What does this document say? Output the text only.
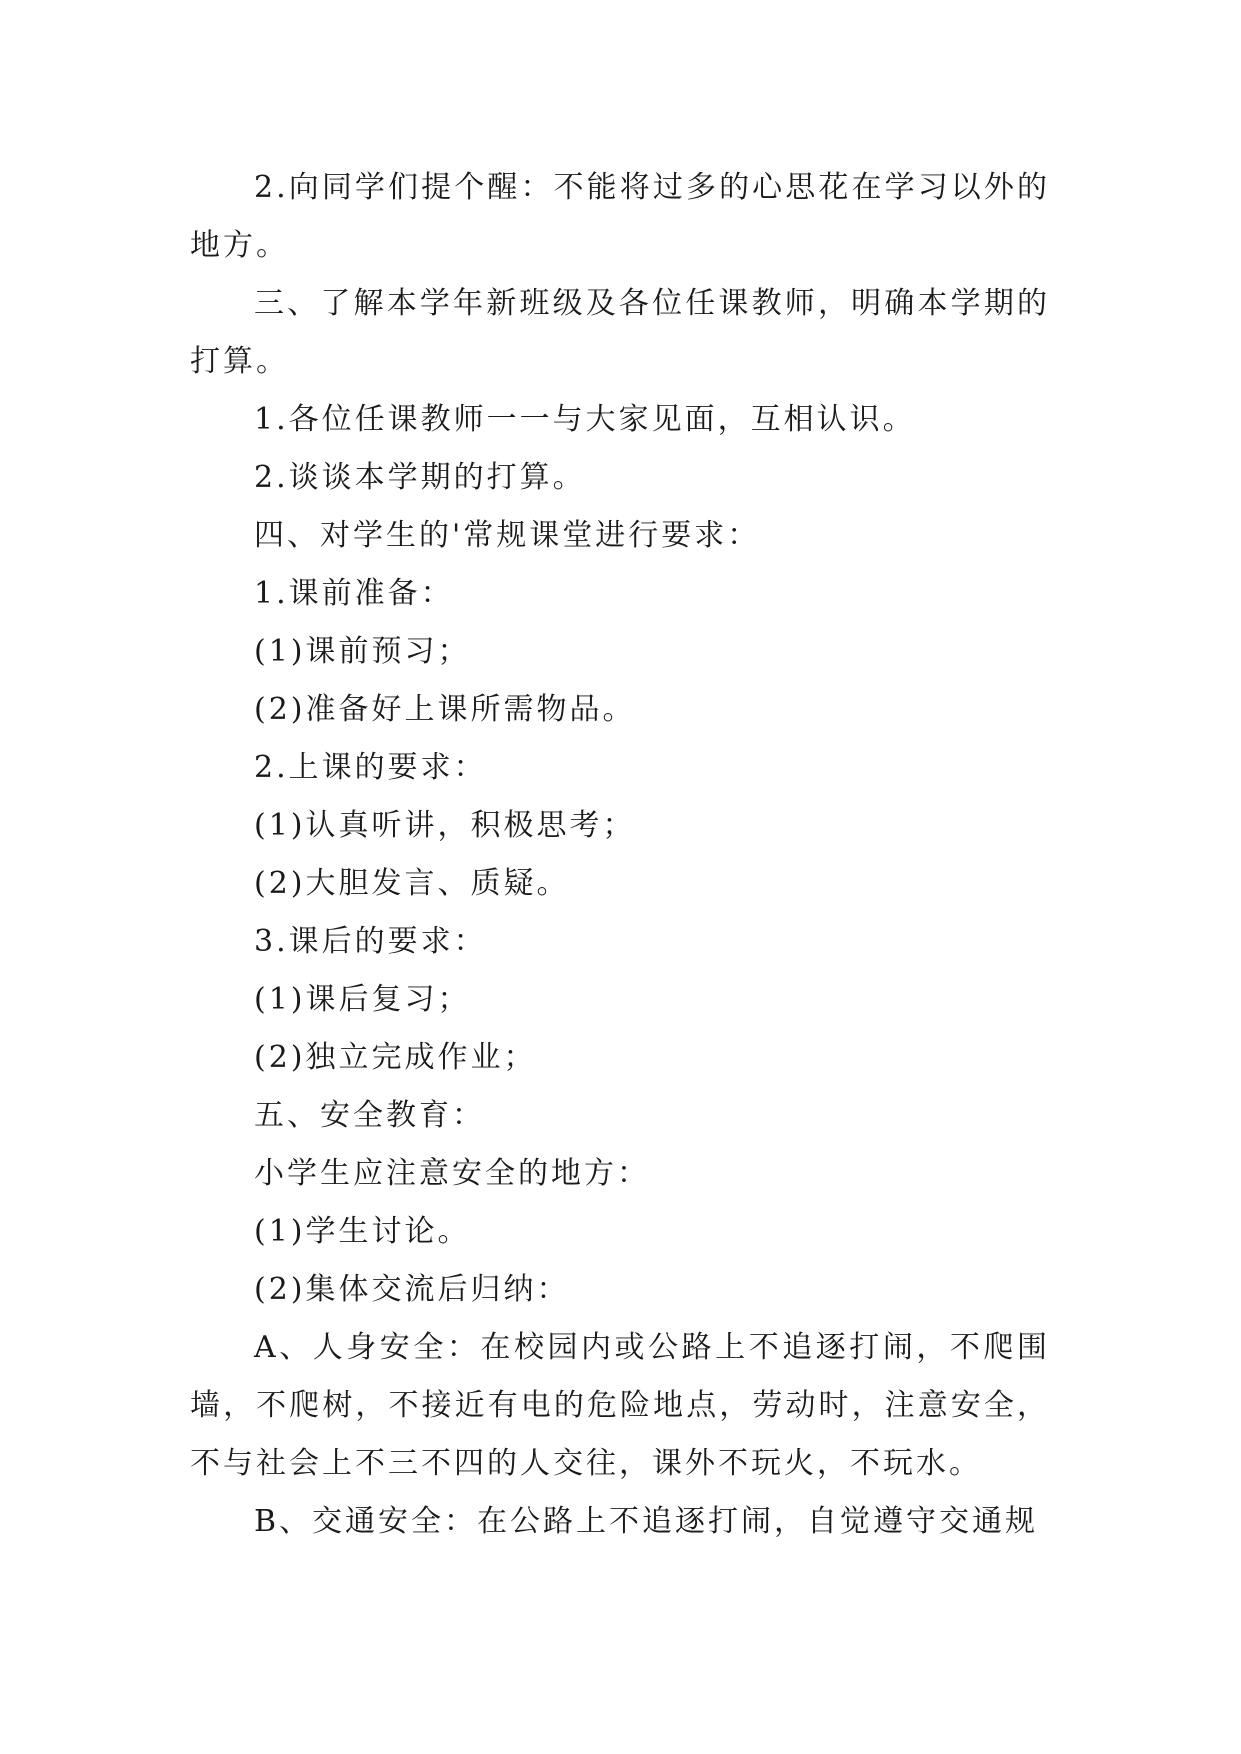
2.向同学们提个醒：不能将过多的心思花在学习以外的地方。

三、了解本学年新班级及各位任课教师，明确本学期的打算。

1.各位任课教师一一与大家见面，互相认识。

2.谈谈本学期的打算。

四、对学生的'常规课堂进行要求：

1.课前准备：

(1)课前预习；

(2)准备好上课所需物品。

2.上课的要求：

(1)认真听讲，积极思考；

(2)大胆发言、质疑。

3.课后的要求：

(1)课后复习；

(2)独立完成作业；

五、安全教育：

小学生应注意安全的地方：

(1)学生讨论。

(2)集体交流后归纳：

A、人身安全：在校园内或公路上不追逐打闹，不爬围墙，不爬树，不接近有电的危险地点，劳动时，注意安全，不与社会上不三不四的人交往，课外不玩火，不玩水。

B、交通安全：在公路上不追逐打闹，自觉遵守交通规
